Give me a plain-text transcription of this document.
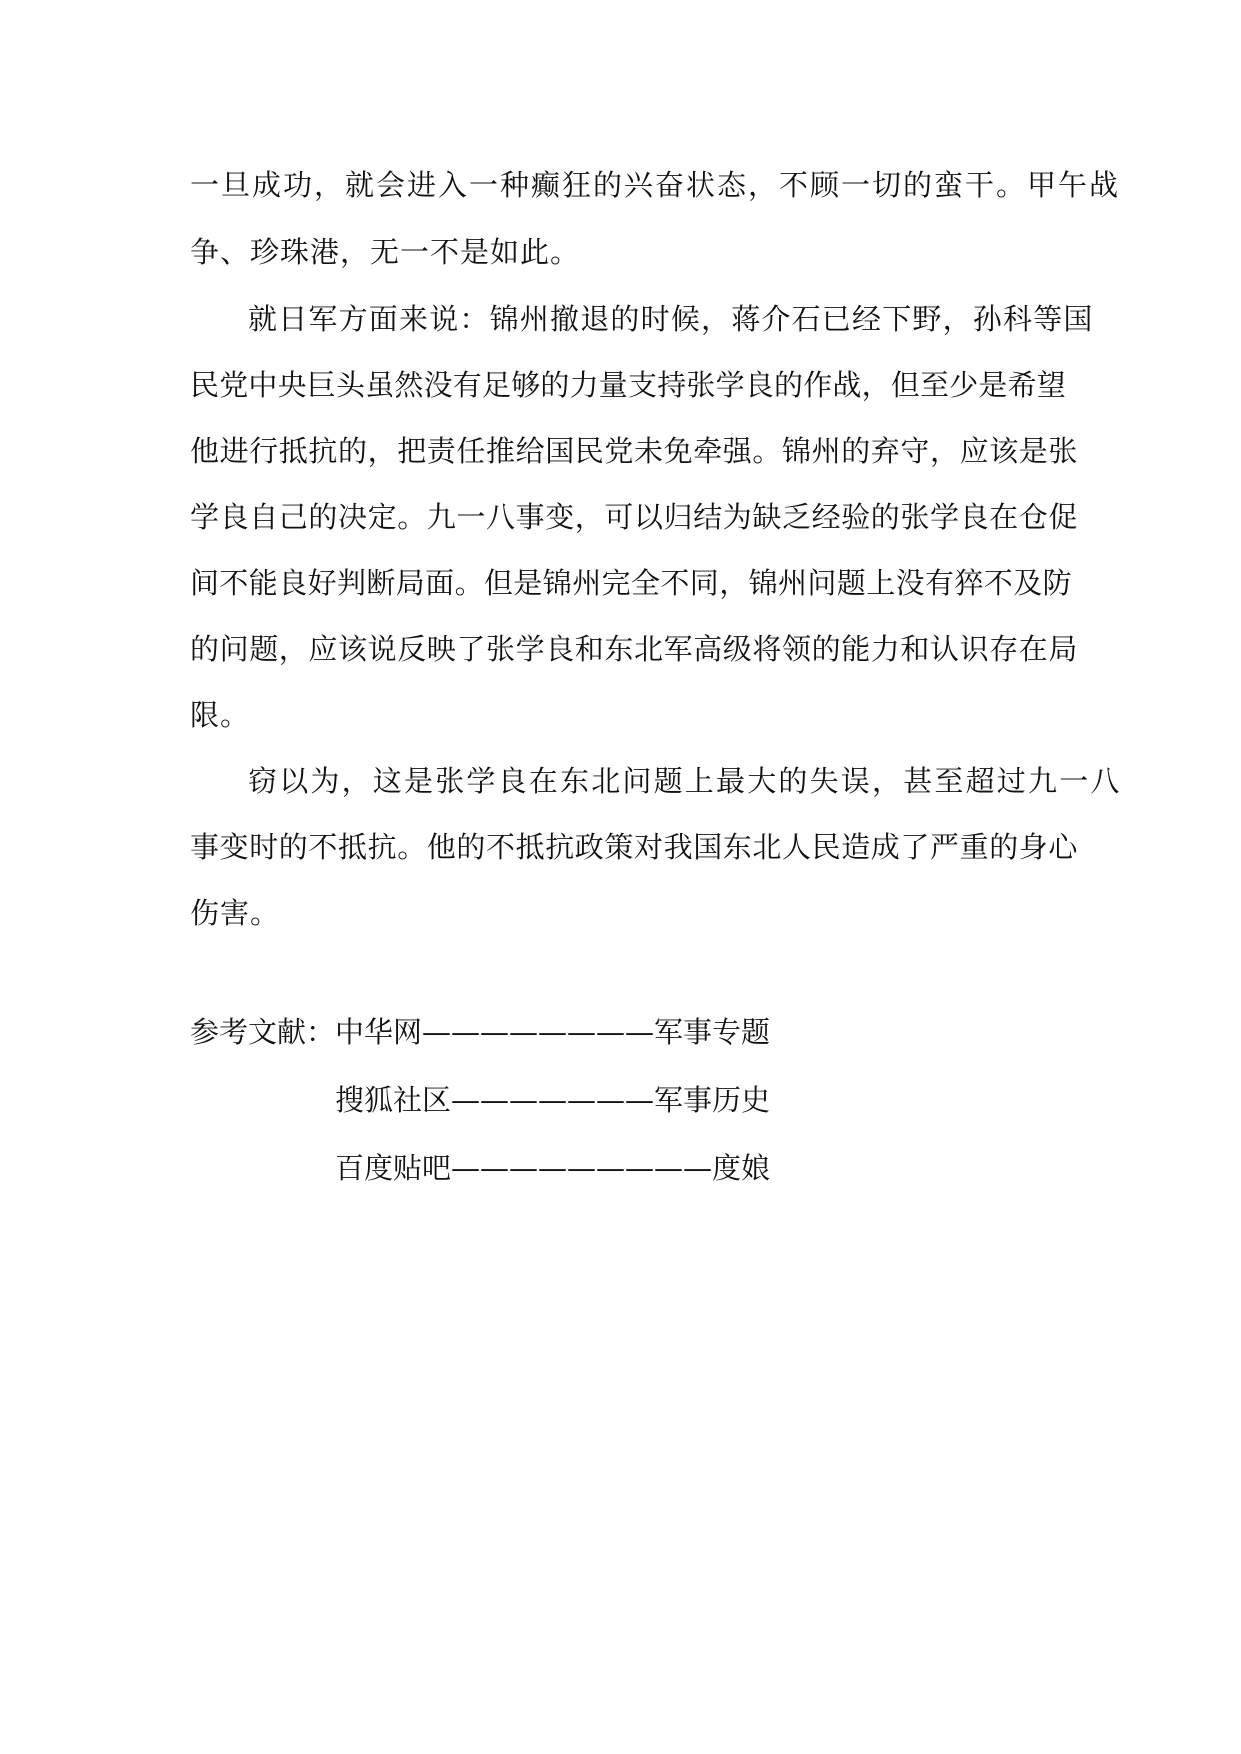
一旦成功，就会进入一种癫狂的兴奋状态，不顾一切的蛮干。甲午战
争、珍珠港，无一不是如此。
就日军方面来说：锦州撤退的时候，蒋介石已经下野，孙科等国
民党中央巨头虽然没有足够的力量支持张学良的作战，但至少是希望
他进行抵抗的，把责任推给国民党未免牵强。锦州的弃守，应该是张
学良自己的决定。九一八事变，可以归结为缺乏经验的张学良在仓促
间不能良好判断局面。但是锦州完全不同，锦州问题上没有猝不及防
的问题，应该说反映了张学良和东北军高级将领的能力和认识存在局
限。
窃以为，这是张学良在东北问题上最大的失误，甚至超过九一八
事变时的不抵抗。他的不抵抗政策对我国东北人民造成了严重的身心
伤害。
参考文献： 中华网————————军事专题
搜狐社区———————军事历史
百度贴吧—————————度娘
